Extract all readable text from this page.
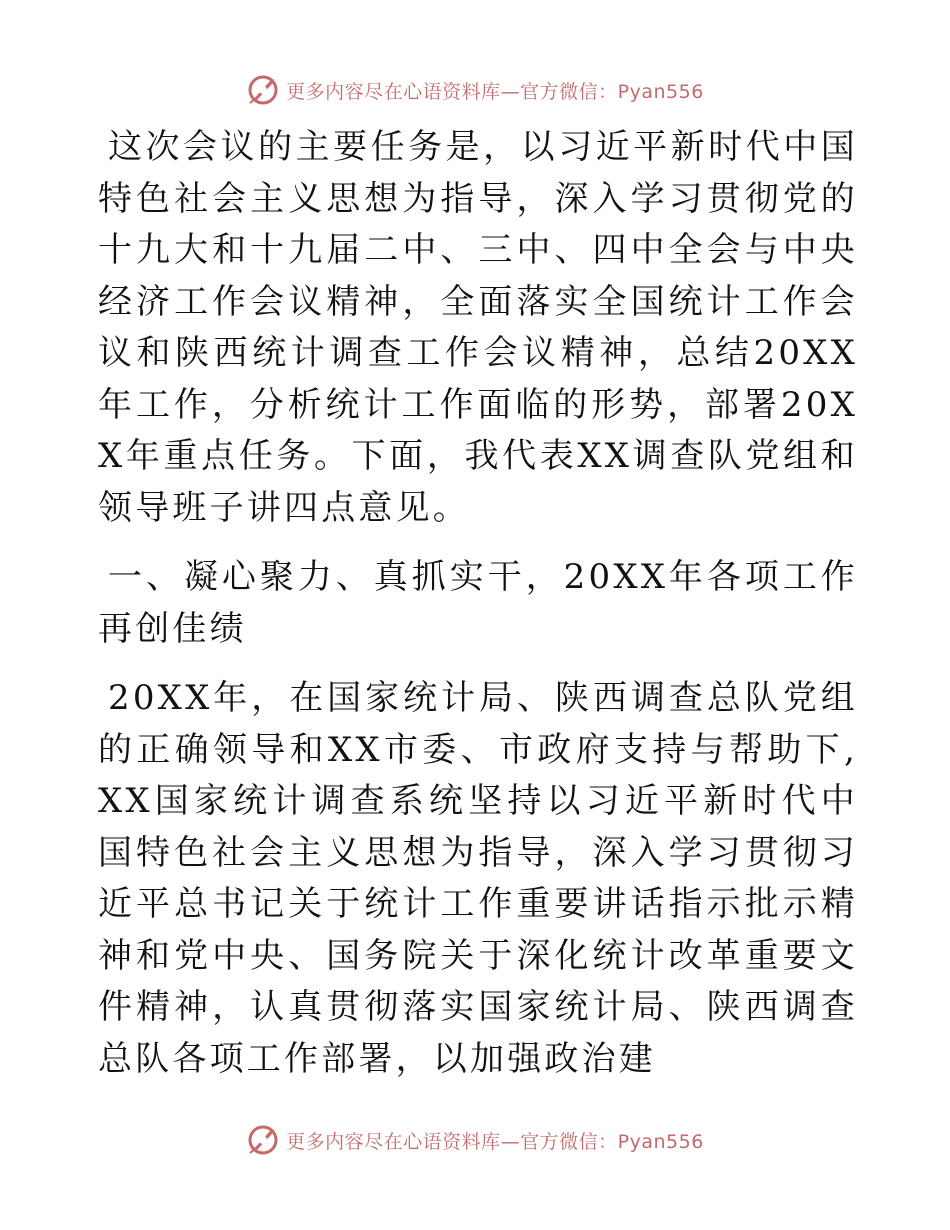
更多内容尽在心语资料库—官方微信：Pyan556

这次会议的主要任务是，以习近平新时代中国特色社会主义思想为指导，深入学习贯彻党的十九大和十九届二中、三中、四中全会与中央经济工作会议精神，全面落实全国统计工作会议和陕西统计调查工作会议精神，总结20XX年工作，分析统计工作面临的形势，部署20XX年重点任务。下面，我代表XX调查队党组和领导班子讲四点意见。

一、凝心聚力、真抓实干，20XX年各项工作再创佳绩

20XX年，在国家统计局、陕西调查总队党组的正确领导和XX市委、市政府支持与帮助下,XX国家统计调查系统坚持以习近平新时代中国特色社会主义思想为指导，深入学习贯彻习近平总书记关于统计工作重要讲话指示批示精神和党中央、国务院关于深化统计改革重要文件精神，认真贯彻落实国家统计局、陕西调查总队各项工作部署，以加强政治建

更多内容尽在心语资料库—官方微信：Pyan556
